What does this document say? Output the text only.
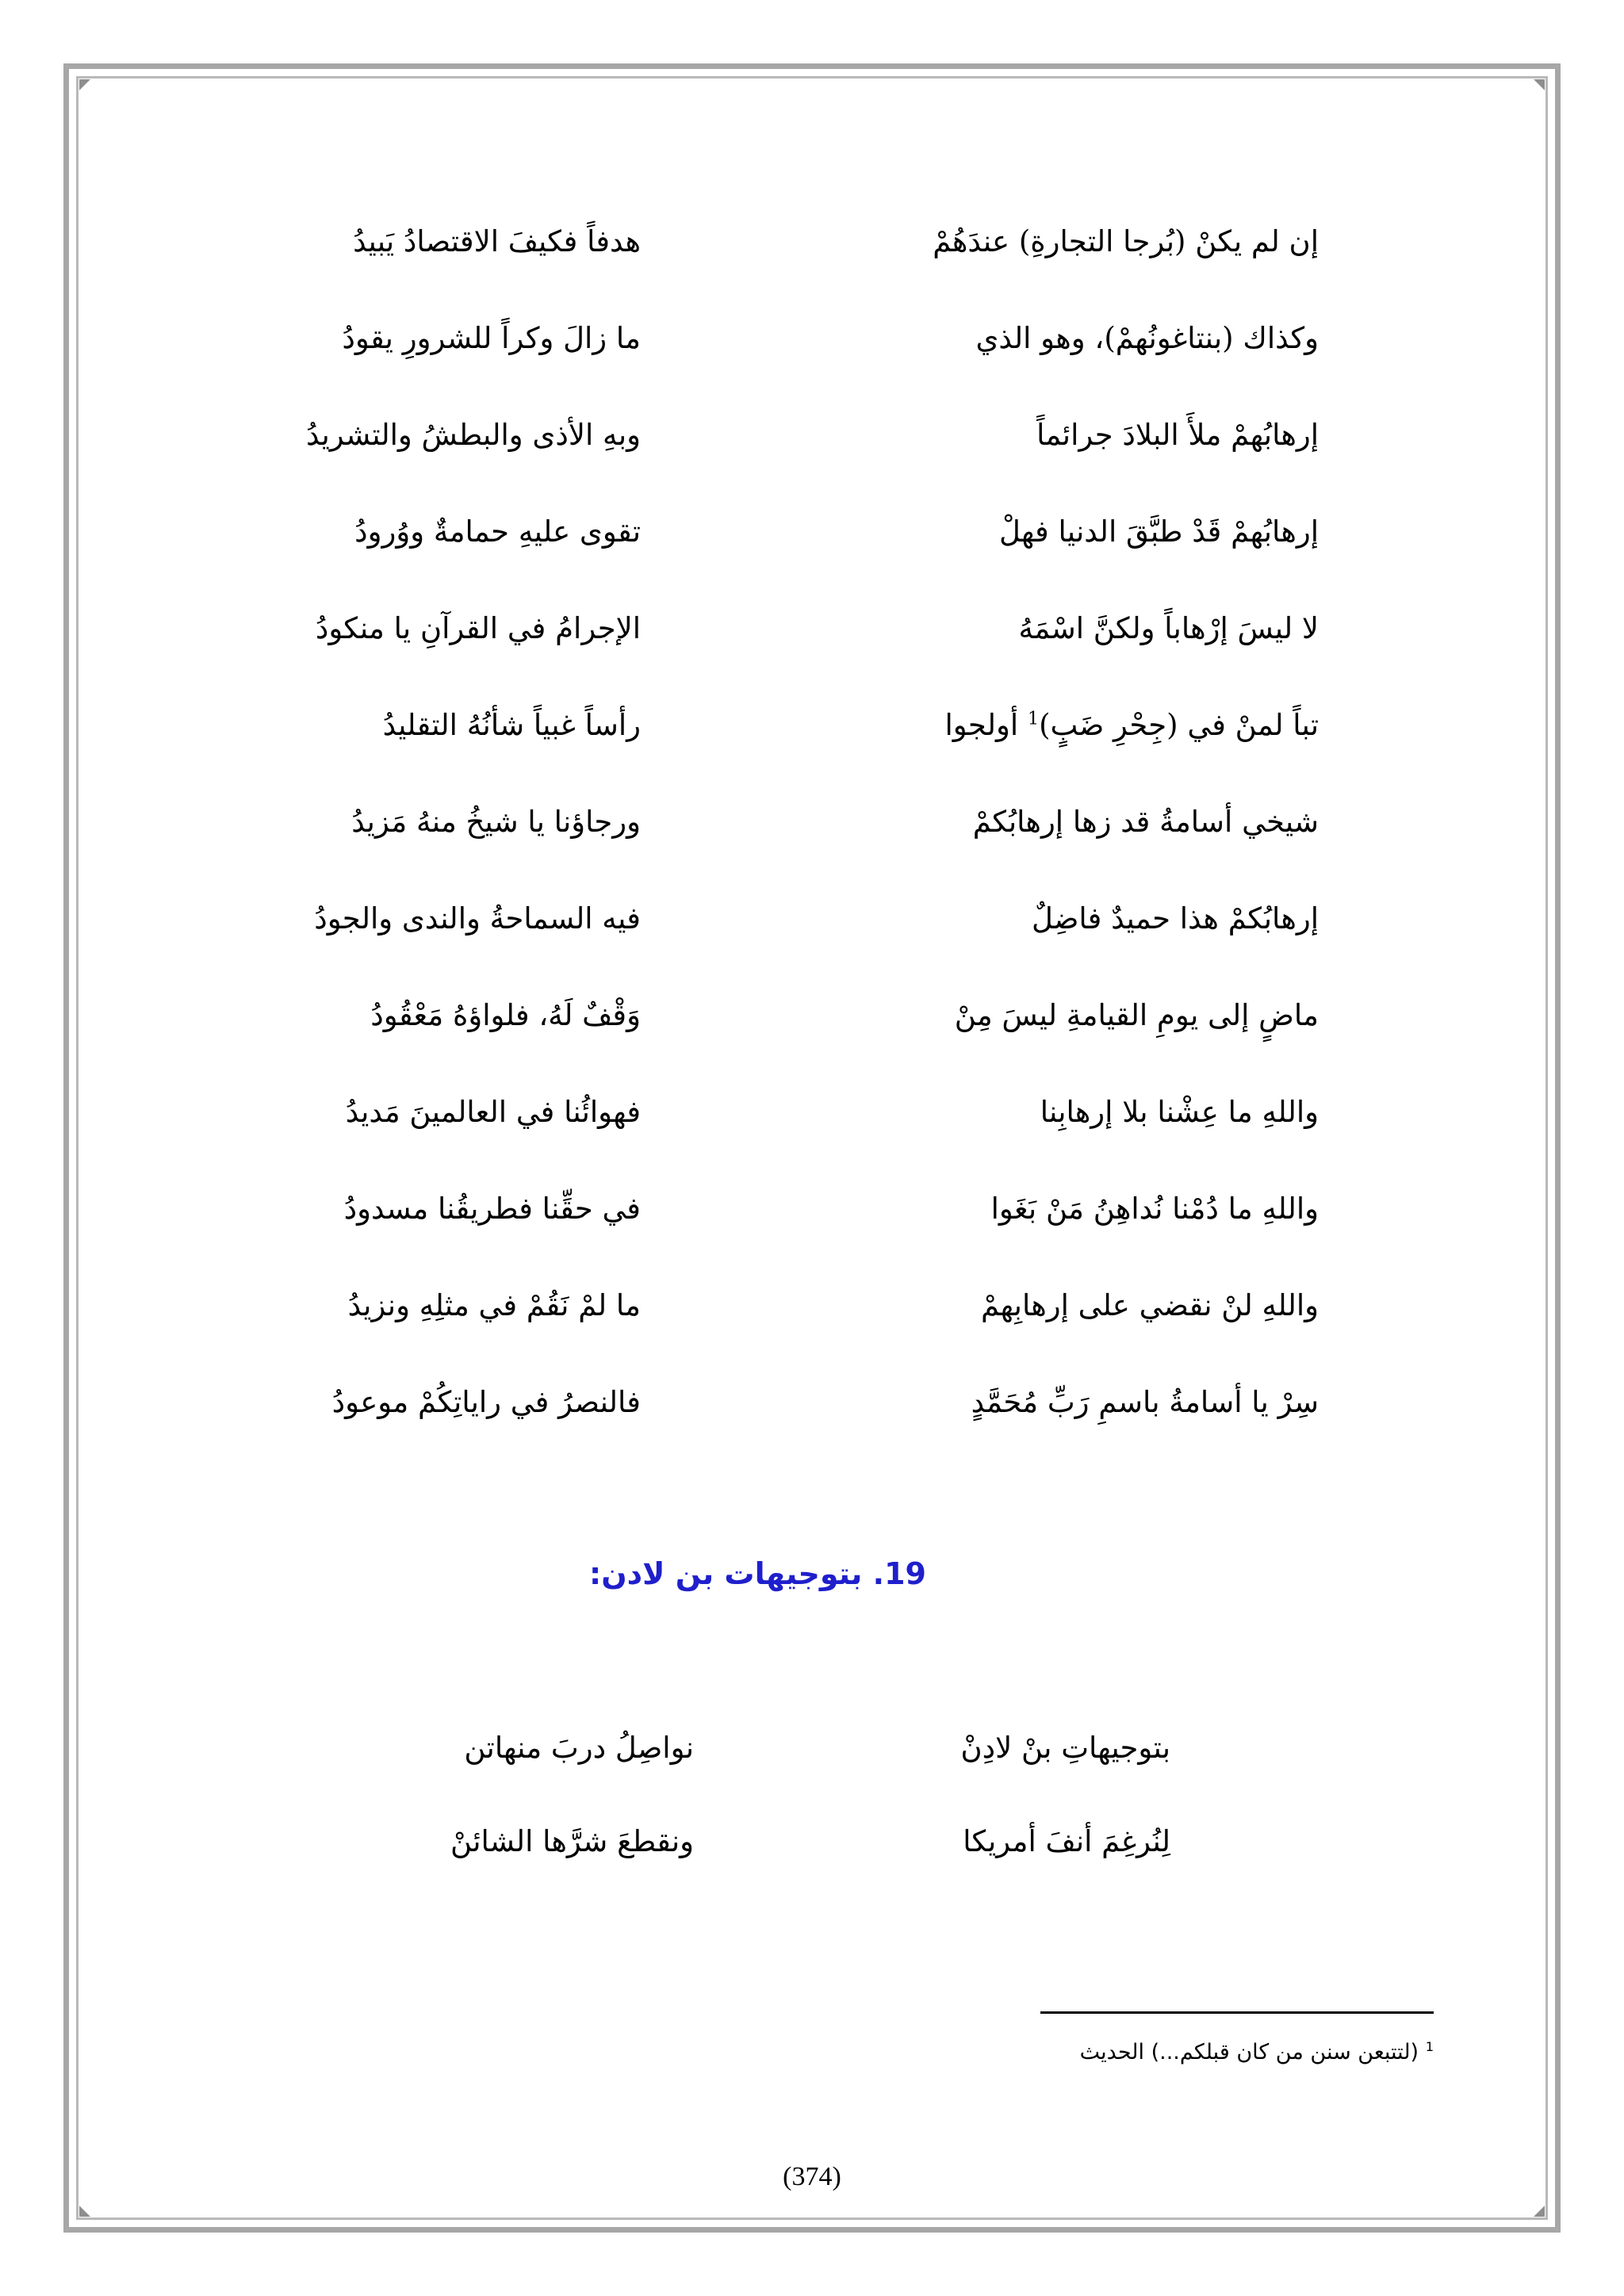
إن لم يكنْ (بُرجا التجارةِ) عندَهُمْ
هدفاً فكيفَ الاقتصادُ يَبيدُ
وكذاك (بنتاغونُهمْ)، وهو الذي
ما زالَ وكراً للشرورِ يقودُ
إرهابُهمْ ملأَ البلادَ جرائماً
وبهِ الأذى والبطشُ والتشريدُ
إرهابُهمْ قَدْ طبَّقَ الدنيا فهلْ
تقوى عليهِ حمامةٌ ووُرودُ
لا ليسَ إرْهاباً ولكنَّ اسْمَهُ
الإجرامُ في القرآنِ يا منكودُ
تباً لمنْ في (جِحْرِ ضَبٍ)$^1$ أولجوا
رأساً غبياً شأنُهُ التقليدُ
شيخي أسامةُ قد زها إرهابُكمْ
ورجاؤنا يا شيخُ منهُ مَزيدُ
إرهابُكمْ هذا حميدٌ فاضِلٌ
فيه السماحةُ والندى والجودُ
ماضٍ إلى يومِ القيامةِ ليسَ مِنْ
وَقْفٌ لَهُ، فلواؤهُ مَعْقُودُ
واللهِ ما عِشْنا بلا إرهابِنا
فهوائُنا في العالمينَ مَديدُ
واللهِ ما دُمْنا نُداهِنُ مَنْ بَغَوا
في حقِّنا فطريقُنا مسدودُ
واللهِ لنْ نقضي على إرهابِهمْ
ما لمْ نَقُمْ في مثلِهِ ونزيدُ
سِرْ يا أسامةُ باسمِ رَبِّ مُحَمَّدٍ
فالنصرُ في راياتِكُمْ موعودُ
19. بتوجيهات بن لادن:
بتوجيهاتِ بنْ لادِنْ
نواصِلُ دربَ منهاتن
لِنُرغِمَ أنفَ أمريكا
ونقطعَ شرَّها الشائنْ
$^1$ (لتتبعن سنن من كان قبلكم...) الحديث
(374)
